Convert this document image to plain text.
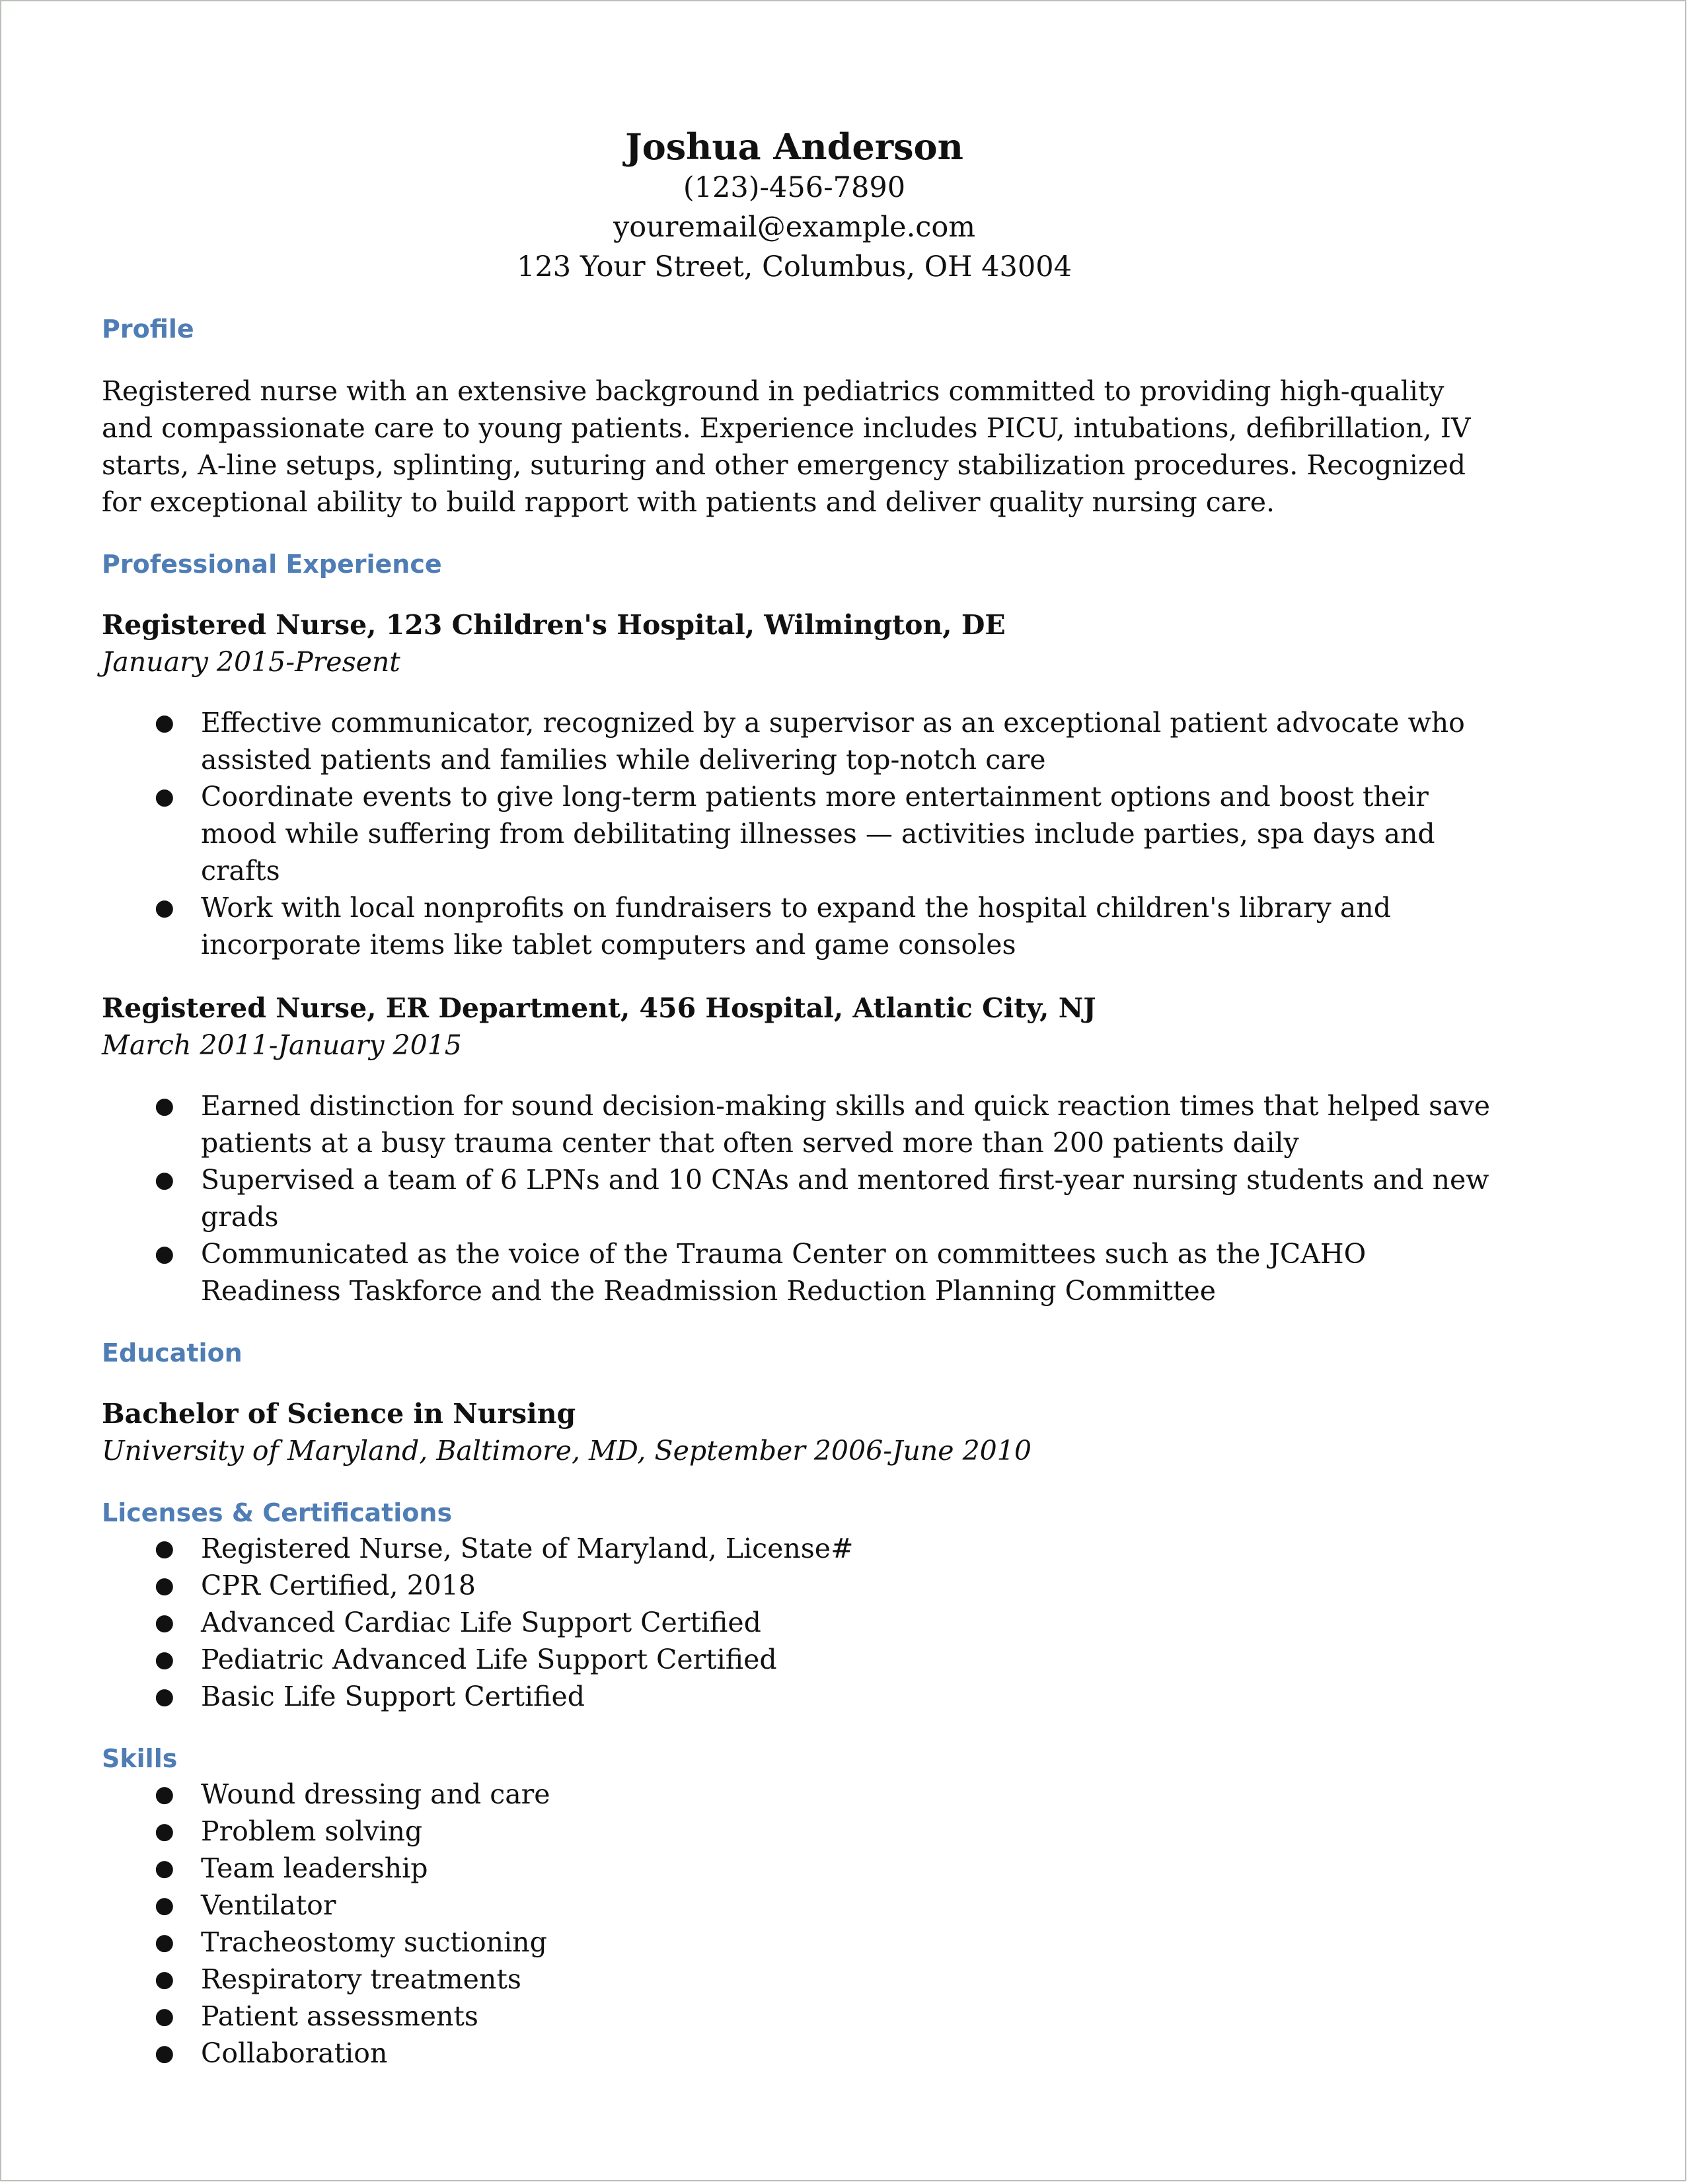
Joshua Anderson
(123)-456-7890
youremail@example.com
123 Your Street, Columbus, OH 43004
Profile
Registered nurse with an extensive background in pediatrics committed to providing high-quality and compassionate care to young patients. Experience includes PICU, intubations, defibrillation, IV starts, A-line setups, splinting, suturing and other emergency stabilization procedures. Recognized for exceptional ability to build rapport with patients and deliver quality nursing care.
Professional Experience
Registered Nurse, 123 Children's Hospital, Wilmington, DE
January 2015-Present
● Effective communicator, recognized by a supervisor as an exceptional patient advocate who assisted patients and families while delivering top-notch care
● Coordinate events to give long-term patients more entertainment options and boost their mood while suffering from debilitating illnesses — activities include parties, spa days and crafts
● Work with local nonprofits on fundraisers to expand the hospital children's library and incorporate items like tablet computers and game consoles
Registered Nurse, ER Department, 456 Hospital, Atlantic City, NJ
March 2011-January 2015
● Earned distinction for sound decision-making skills and quick reaction times that helped save patients at a busy trauma center that often served more than 200 patients daily
● Supervised a team of 6 LPNs and 10 CNAs and mentored first-year nursing students and new grads
● Communicated as the voice of the Trauma Center on committees such as the JCAHO Readiness Taskforce and the Readmission Reduction Planning Committee
Education
Bachelor of Science in Nursing
University of Maryland, Baltimore, MD, September 2006-June 2010
Licenses & Certifications
● Registered Nurse, State of Maryland, License#
● CPR Certified, 2018
● Advanced Cardiac Life Support Certified
● Pediatric Advanced Life Support Certified
● Basic Life Support Certified
Skills
● Wound dressing and care
● Problem solving
● Team leadership
● Ventilator
● Tracheostomy suctioning
● Respiratory treatments
● Patient assessments
● Collaboration
